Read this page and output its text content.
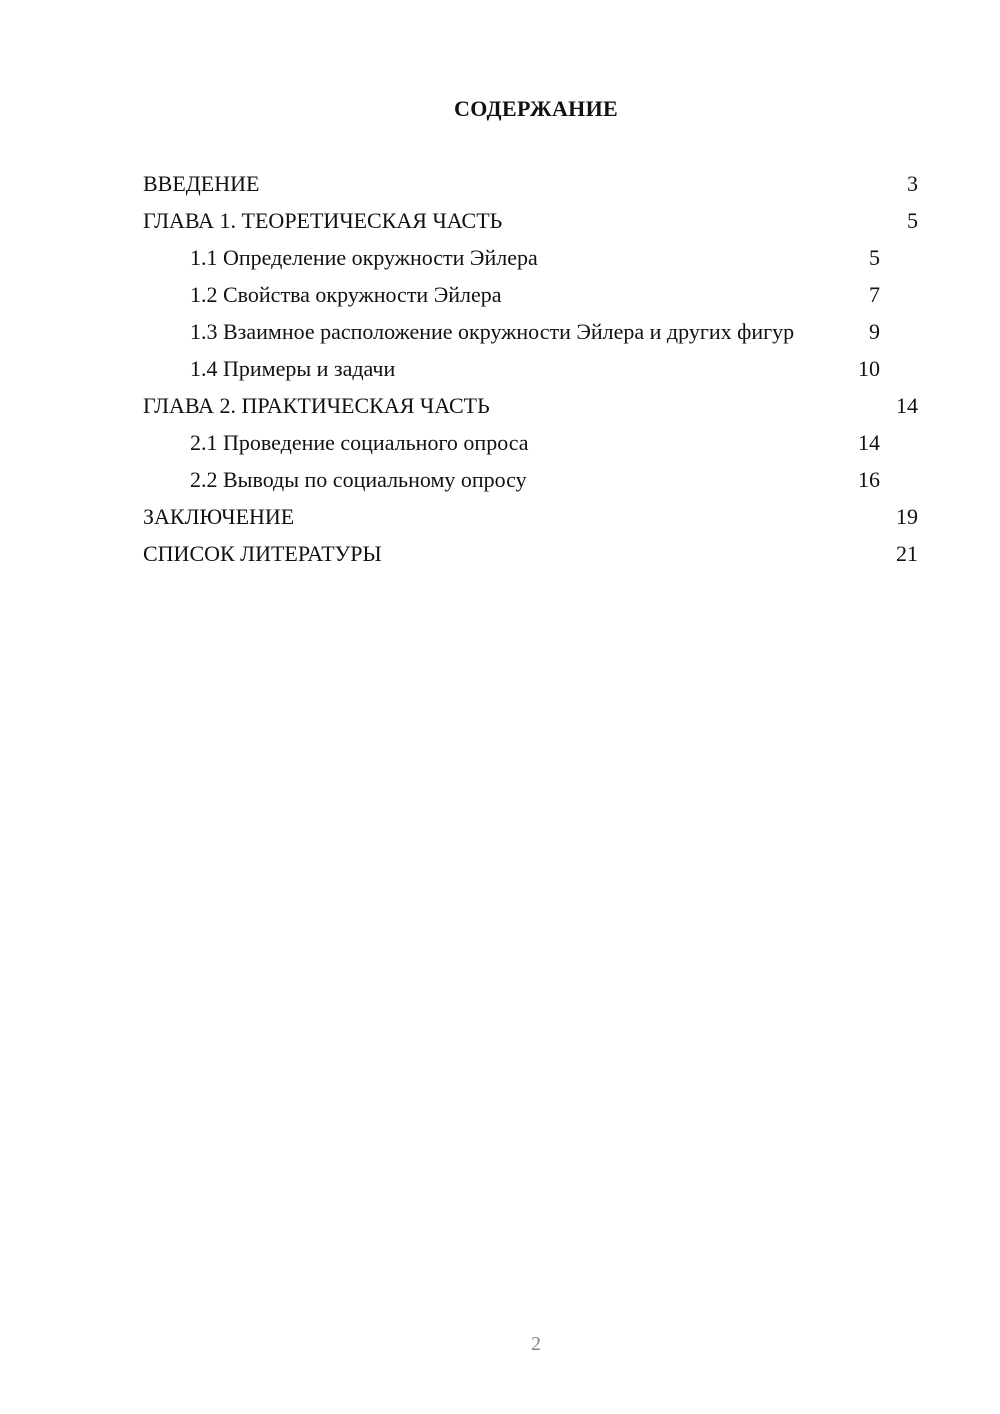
СОДЕРЖАНИЕ
ВВЕДЕНИЕ	3
ГЛАВА 1. ТЕОРЕТИЧЕСКАЯ ЧАСТЬ	5
1.1 Определение окружности Эйлера	5
1.2 Свойства окружности Эйлера	7
1.3 Взаимное расположение окружности Эйлера и других фигур	9
1.4 Примеры и задачи	10
ГЛАВА 2. ПРАКТИЧЕСКАЯ ЧАСТЬ	14
2.1 Проведение социального опроса	14
2.2 Выводы по социальному опросу	16
ЗАКЛЮЧЕНИЕ	19
СПИСОК ЛИТЕРАТУРЫ	21
2
